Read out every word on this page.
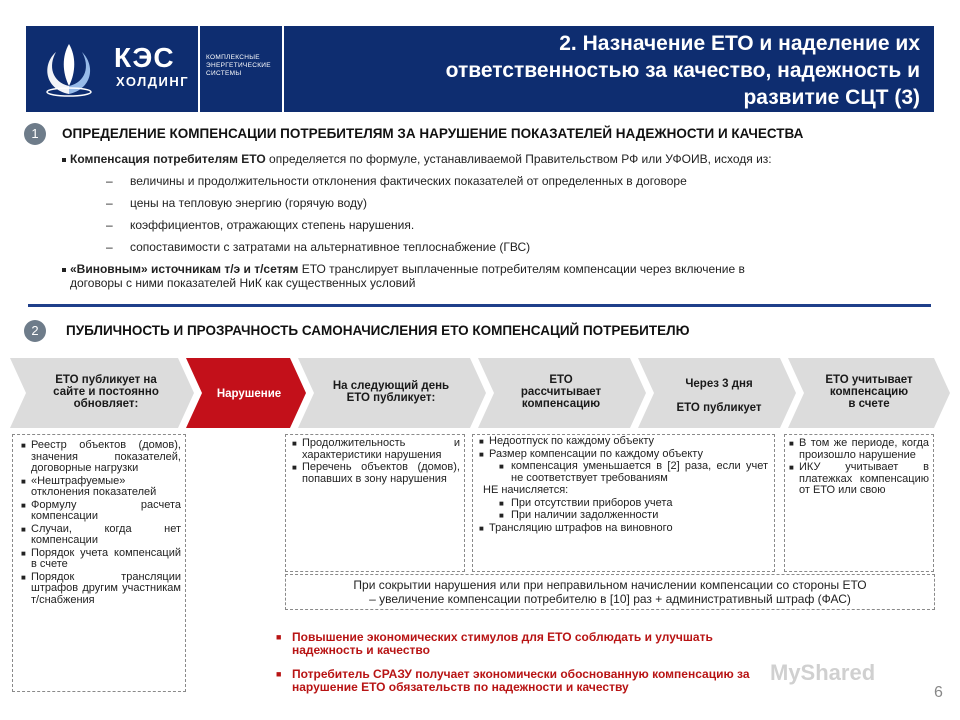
КЭС
ХОЛДИНГ
КОМПЛЕКСНЫЕ
ЭНЕРГЕТИЧЕСКИЕ
СИСТЕМЫ
2. Назначение ЕТО и наделение их
ответственностью за качество, надежность и
развитие СЦТ (3)
1	ОПРЕДЕЛЕНИЕ КОМПЕНСАЦИИ ПОТРЕБИТЕЛЯМ ЗА НАРУШЕНИЕ ПОКАЗАТЕЛЕЙ НАДЕЖНОСТИ И КАЧЕСТВА
Компенсация потребителям ЕТО определяется по формуле, устанавливаемой Правительством РФ или УФОИВ, исходя из:
– величины и продолжительности отклонения фактических показателей от определенных в договоре
– цены на тепловую энергию (горячую воду)
– коэффициентов, отражающих степень нарушения.
– сопоставимости с затратами на альтернативное теплоснабжение (ГВС)
«Виновным» источникам т/э и т/сетям ЕТО транслирует выплаченные потребителям компенсации через включение в
договоры с ними показателей НиК как существенных условий
2	ПУБЛИЧНОСТЬ И ПРОЗРАЧНОСТЬ САМОНАЧИСЛЕНИЯ ЕТО КОМПЕНСАЦИЙ ПОТРЕБИТЕЛЮ
ЕТО публикует на
сайте и постоянно
обновляет:
Нарушение
На следующий день
ЕТО публикует:
ЕТО
рассчитывает
компенсацию
Через 3 дня

ЕТО публикует
ЕТО учитывает
компенсацию
в счете
■ Реестр объектов (домов), значения показателей, договорные нагрузки
■ «Нештрафуемые» отклонения показателей
■ Формулу расчета компенсации
■ Случаи, когда нет компенсации
■ Порядок учета компенсаций в счете
■ Порядок трансляции штрафов другим участникам т/снабжения
■ Продолжительность и характеристики нарушения
■ Перечень объектов (домов), попавших в зону нарушения
■ Недоотпуск по каждому объекту
■ Размер компенсации по каждому объекту
■ компенсация уменьшается в [2] раза, если учет не соответствует требованиям
НЕ начисляется:
■ При отсутствии приборов учета
■ При наличии задолженности
■ Трансляцию штрафов на виновного
■ В том же периоде, когда произошло нарушение
■ ИКУ учитывает в платежках компенсацию от ЕТО или свою
При сокрытии нарушения или при неправильном начислении компенсации со стороны ЕТО
– увеличение компенсации потребителю в [10] раз + административный штраф (ФАС)
■ Повышение экономических стимулов для ЕТО соблюдать и улучшать
надежность и качество
■ Потребитель СРАЗУ получает экономически обоснованную компенсацию за
нарушение ЕТО обязательств по надежности и качеству
MyShared
6
